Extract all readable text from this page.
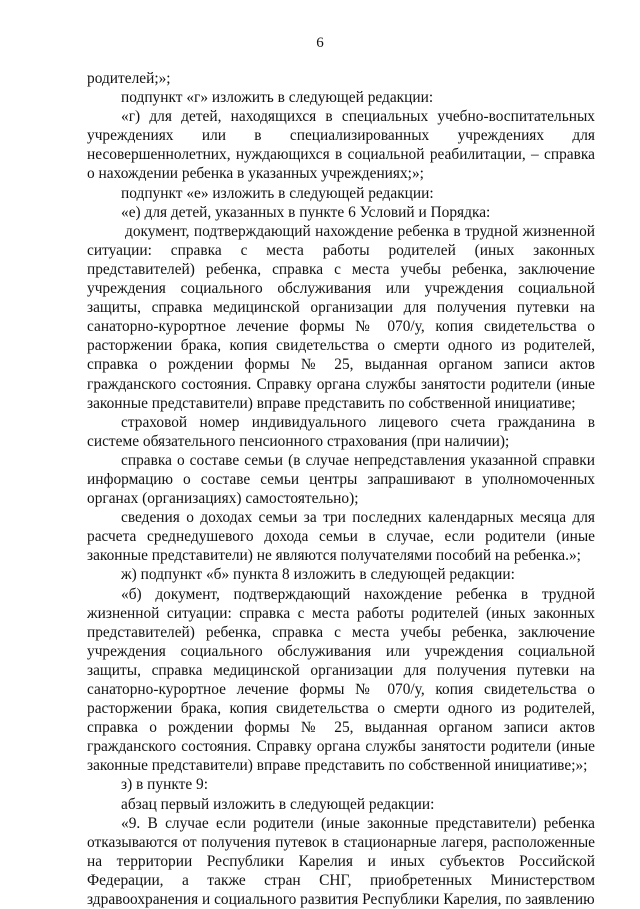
6

родителей;»;

подпункт «г» изложить в следующей редакции:

«г) для детей, находящихся в специальных учебно-воспитательных учреждениях или в специализированных учреждениях для несовершеннолетних, нуждающихся в социальной реабилитации, – справка о нахождении ребенка в указанных учреждениях;»;

подпункт «е» изложить в следующей редакции:

«е) для детей, указанных в пункте 6 Условий и Порядка:

документ, подтверждающий нахождение ребенка в трудной жизненной ситуации: справка с места работы родителей (иных законных представителей) ребенка, справка с места учебы ребенка, заключение учреждения социального обслуживания или учреждения социальной защиты, справка медицинской организации для получения путевки на санаторно-курортное лечение формы № 070/у, копия свидетельства о расторжении брака, копия свидетельства о смерти одного из родителей, справка о рождении формы № 25, выданная органом записи актов гражданского состояния. Справку органа службы занятости родители (иные законные представители) вправе представить по собственной инициативе;

страховой номер индивидуального лицевого счета гражданина в системе обязательного пенсионного страхования (при наличии);

справка о составе семьи (в случае непредставления указанной справки информацию о составе семьи центры запрашивают в уполномоченных органах (организациях) самостоятельно);

сведения о доходах семьи за три последних календарных месяца для расчета среднедушевого дохода семьи в случае, если родители (иные законные представители) не являются получателями пособий на ребенка.»;

ж) подпункт «б» пункта 8 изложить в следующей редакции:

«б) документ, подтверждающий нахождение ребенка в трудной жизненной ситуации: справка с места работы родителей (иных законных представителей) ребенка, справка с места учебы ребенка, заключение учреждения социального обслуживания или учреждения социальной защиты, справка медицинской организации для получения путевки на санаторно-курортное лечение формы № 070/у, копия свидетельства о расторжении брака, копия свидетельства о смерти одного из родителей, справка о рождении формы № 25, выданная органом записи актов гражданского состояния. Справку органа службы занятости родители (иные законные представители) вправе представить по собственной инициативе;»;

з) в пункте 9:

абзац первый изложить в следующей редакции:

«9. В случае если родители (иные законные представители) ребенка отказываются от получения путевок в стационарные лагеря, расположенные на территории Республики Карелия и иных субъектов Российской Федерации, а также стран СНГ, приобретенных Министерством здравоохранения и социального развития Республики Карелия, по заявлению
